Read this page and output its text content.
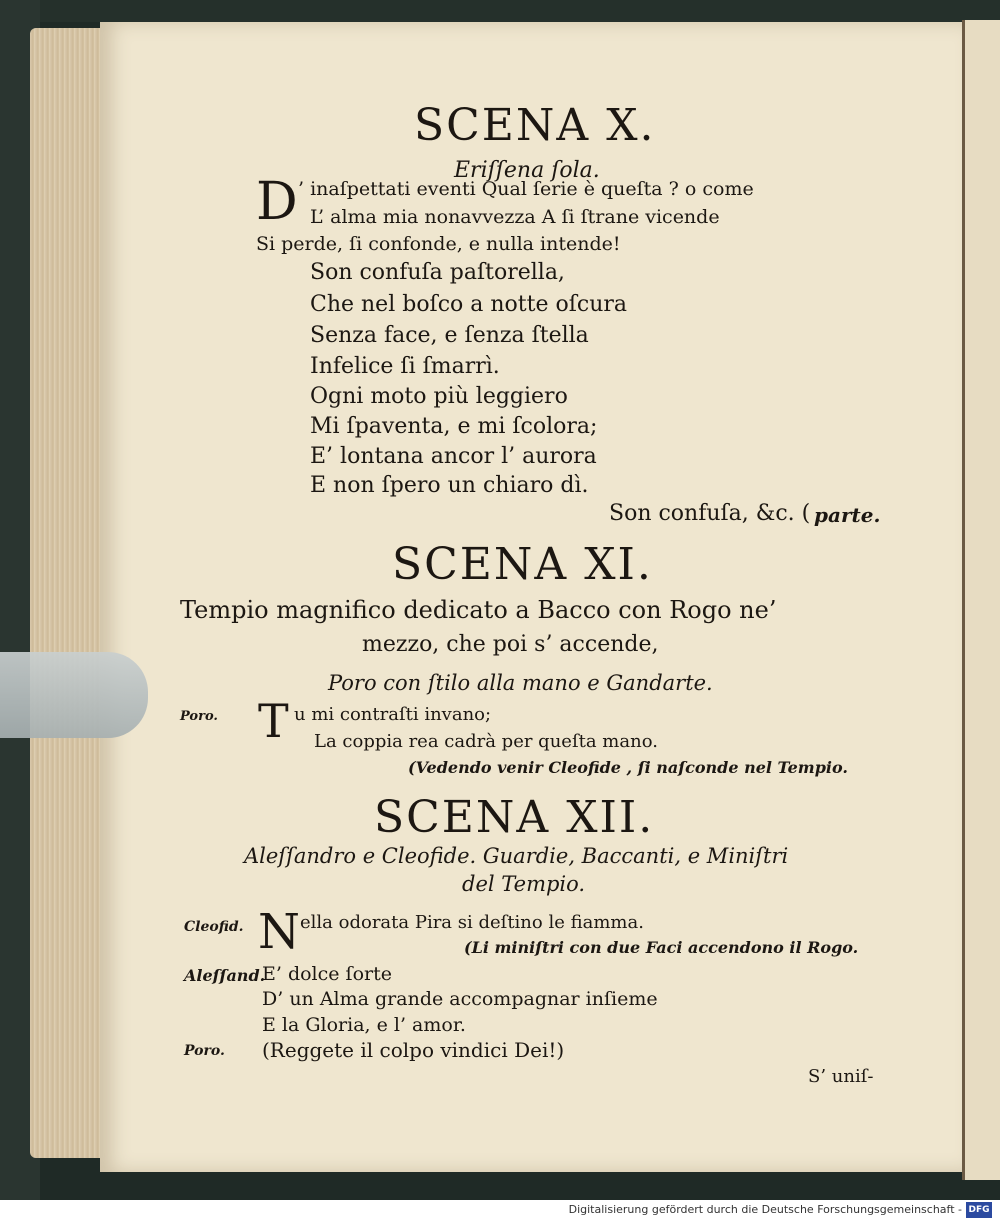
SCENA X.
Eriſſena ſola.
D ’ inaſpettati eventi Qual ſerie è queſta ? o come
L’ alma mia nonavvezza A ſi ſtrane vicende
Si perde, ſi confonde, e nulla intende!
Son confuſa paſtorella,
Che nel boſco a notte oſcura
Senza face, e ſenza ſtella
Infelice ſi ſmarrì.
Ogni moto più leggiero
Mi ſpaventa, e mi ſcolora;
E’ lontana ancor l’ aurora
E non ſpero un chiaro dì.
Son confuſa, &c. ( parte.
SCENA XI.
Tempio magnifico dedicato a Bacco con Rogo ne’
mezzo, che poi s’ accende,
Poro con ſtilo alla mano e Gandarte.
Poro. T u mi contraſti invano;
La coppia rea cadrà per queſta mano.
(Vedendo venir Cleofide , ſi naſconde nel Tempio.
SCENA XII.
Aleſſandro e Cleofide. Guardie, Baccanti, e Miniſtri
del Tempio.
Cleofid. N ella odorata Pira si deſtino le fiamma.
(Li miniſtri con due Faci accendono il Rogo.
Aleſſand.
E’ dolce ſorte
D’ un Alma grande accompagnar inſieme
E la Gloria, e l’ amor.
Poro. (Reggete il colpo vindici Dei!)
S’ uniſ-
Digitalisierung gefördert durch die Deutsche Forschungsgemeinschaft - DFG
